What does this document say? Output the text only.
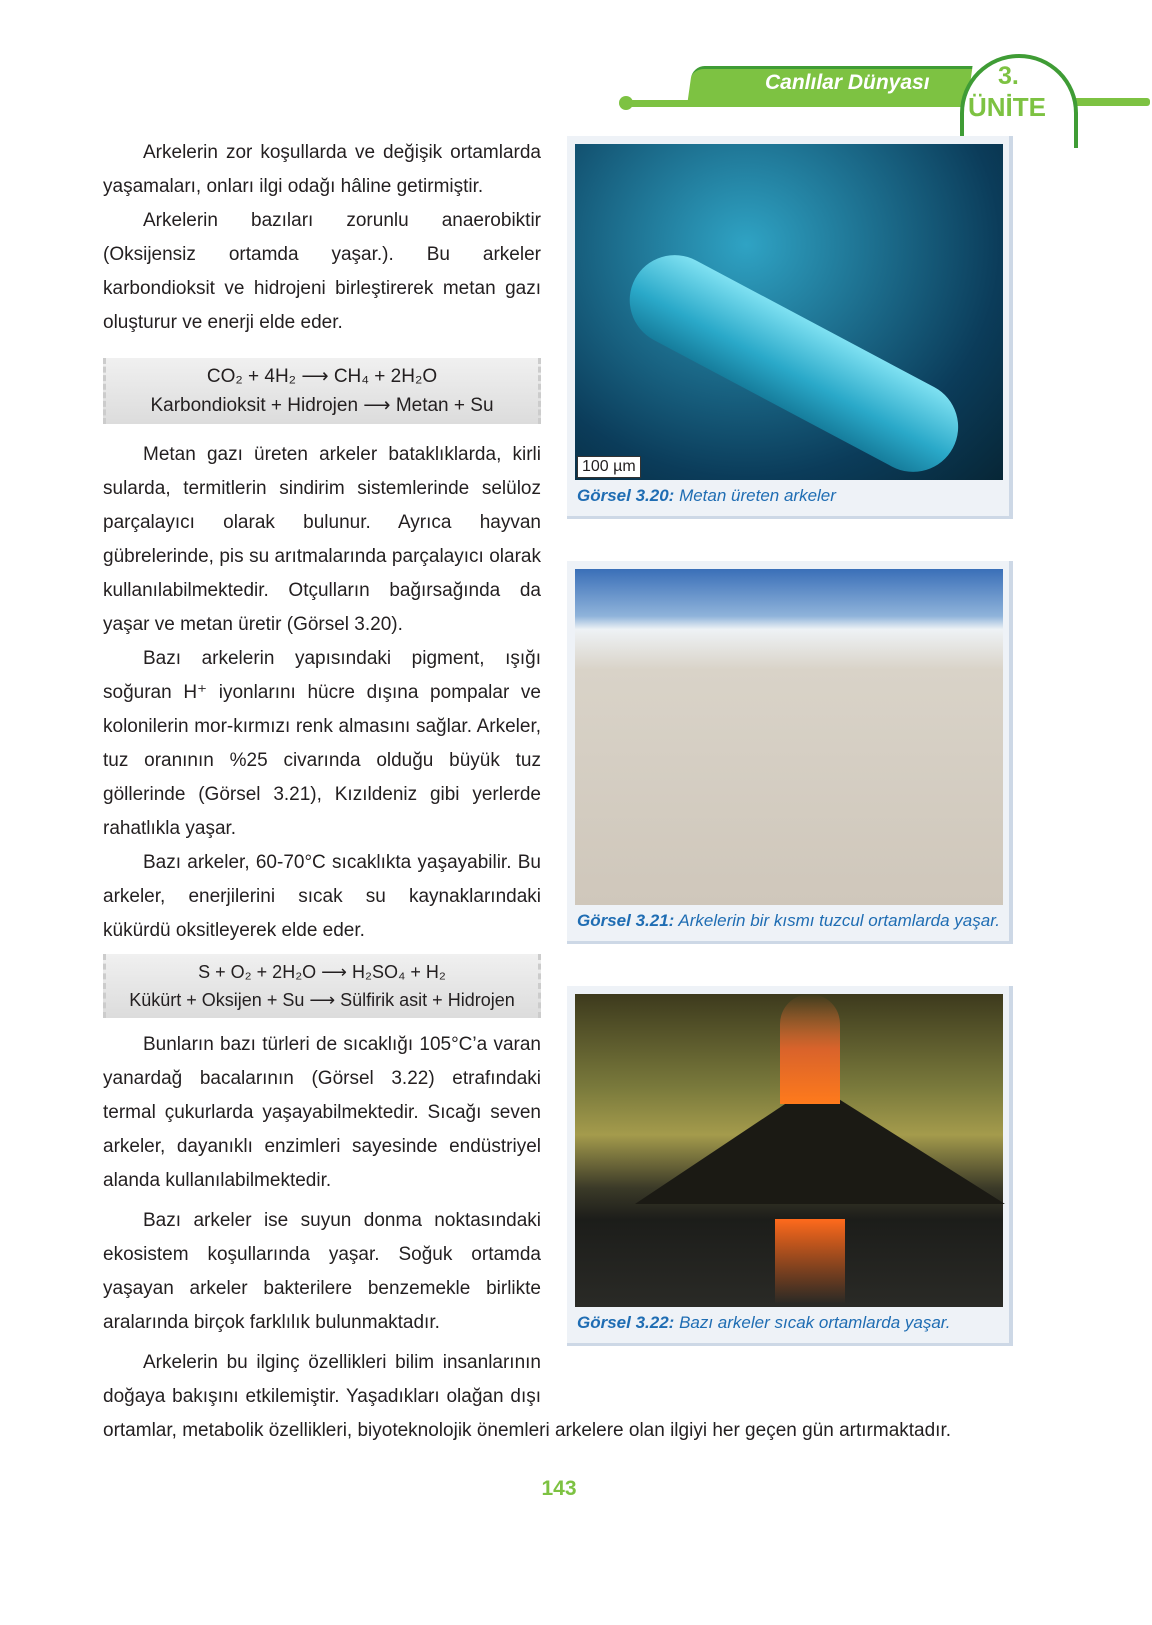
Canlılar Dünyası	3.
ÜNİTE
100 µm
Görsel 3.20: Metan üreten arkeler
Görsel 3.21: Arkelerin bir kısmı tuzcul ortamlarda yaşar.
Görsel 3.22: Bazı arkeler sıcak ortamlarda yaşar.

Arkelerin zor koşullarda ve değişik ortamlarda yaşamaları, onları ilgi odağı hâline getirmiştir.

Arkelerin bazıları zorunlu anaerobiktir (Oksijensiz ortamda yaşar.). Bu arkeler karbondioksit ve hidrojeni birleştirerek metan gazı oluşturur ve enerji elde eder.

CO₂ + 4H₂ ⟶ CH₄ + 2H₂O
Karbondioksit + Hidrojen ⟶ Metan + Su

Metan gazı üreten arkeler bataklıklarda, kirli sularda, termitlerin sindirim sistemlerinde selüloz parçalayıcı olarak bulunur. Ayrıca hayvan gübrelerinde, pis su arıtmalarında parçalayıcı olarak kullanılabilmektedir. Otçulların bağırsağında da yaşar ve metan üretir (Görsel 3.20).

Bazı arkelerin yapısındaki pigment, ışığı soğuran H⁺ iyonlarını hücre dışına pompalar ve kolonilerin mor-kırmızı renk almasını sağlar. Arkeler, tuz oranının %25 civarında olduğu büyük tuz göllerinde (Görsel 3.21), Kızıldeniz gibi yerlerde rahatlıkla yaşar.

Bazı arkeler, 60-70°C sıcaklıkta yaşayabilir. Bu arkeler, enerjilerini sıcak su kaynaklarındaki kükürdü oksitleyerek elde eder.

S + O₂ + 2H₂O ⟶ H₂SO₄ + H₂
Kükürt + Oksijen + Su ⟶ Sülfirik asit + Hidrojen

Bunların bazı türleri de sıcaklığı 105°C’a varan yanardağ bacalarının (Görsel 3.22) etrafındaki termal çukurlarda yaşayabilmektedir. Sıcağı seven arkeler, dayanıklı enzimleri sayesinde endüstriyel alanda kullanılabilmektedir.

Bazı arkeler ise suyun donma noktasındaki ekosistem koşullarında yaşar. Soğuk ortamda yaşayan arkeler bakterilere benzemekle birlikte aralarında birçok farklılık bulunmaktadır.

Arkelerin bu ilginç özellikleri bilim insanlarının doğaya bakışını etkilemiştir. Yaşadıkları olağan dışı ortamlar, metabolik özellikleri, biyoteknolojik önemleri arkelere olan ilgiyi her geçen gün artırmaktadır.

143
